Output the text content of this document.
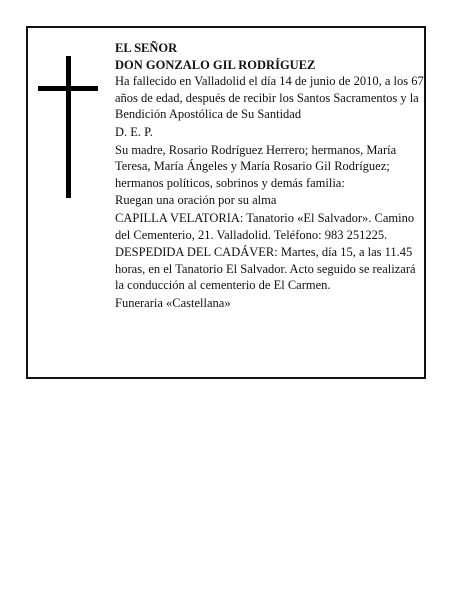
EL SEÑOR
DON GONZALO GIL RODRÍGUEZ
Ha fallecido en Valladolid el día 14 de junio de 2010, a los 67 años de edad, después de recibir los Santos Sacramentos y la Bendición Apostólica de Su Santidad
D. E. P.
Su madre, Rosario Rodríguez Herrero; hermanos, María Teresa, María Ángeles y María Rosario Gil Rodríguez; hermanos políticos, sobrinos y demás familia:
Ruegan una oración por su alma
CAPILLA VELATORIA: Tanatorio «El Salvador». Camino del Cementerio, 21. Valladolid. Teléfono: 983 251225.
DESPEDIDA DEL CADÁVER: Martes, día 15, a las 11.45 horas, en el Tanatorio El Salvador. Acto seguido se realizará la conducción al cementerio de El Carmen.
Funeraria «Castellana»
